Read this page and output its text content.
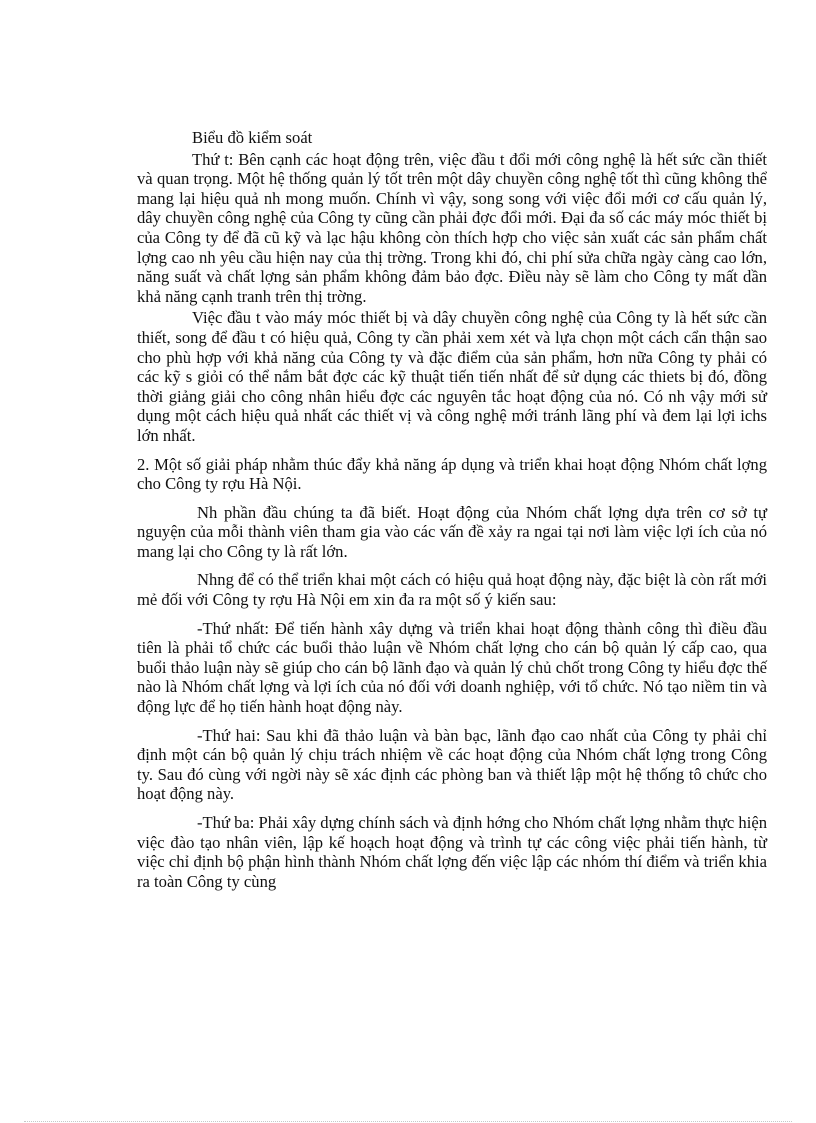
Biểu đồ kiểm soát

Thứ t: Bên cạnh các hoạt động trên, việc đầu t đổi mới công nghệ là hết sức cần thiết và quan trọng. Một hệ thống quản lý tốt trên một dây chuyền công nghệ tốt thì cũng không thể mang lại hiệu quả nh mong muốn. Chính vì vậy, song song với việc đổi mới cơ cấu quản lý, dây chuyền công nghệ của Công ty cũng cần phải đợc đổi mới. Đại đa số các máy móc thiết bị của Công ty để đã cũ kỹ và lạc hậu không còn thích hợp cho việc sản xuất các sản phẩm chất lợng cao nh yêu cầu hiện nay của thị trờng. Trong khi đó, chi phí sửa chữa ngày càng cao lớn, năng suất và chất lợng sản phẩm không đảm bảo đợc. Điều này sẽ làm cho Công ty mất dần khả năng cạnh tranh trên thị trờng.

Việc đầu t vào máy móc thiết bị và dây chuyền công nghệ của Công ty là hết sức cần thiết, song để đầu t có hiệu quả, Công ty cần phải xem xét và lựa chọn một cách cẩn thận sao cho phù hợp với khả năng của Công ty và đặc điểm của sản phẩm, hơn nữa Công ty phải có các kỹ s giỏi có thể nắm bắt đợc các kỹ thuật tiến tiến nhất để sử dụng các thiets bị đó, đồng thời giảng giải cho công nhân hiểu đợc các nguyên tắc hoạt động của nó. Có nh vậy mới sử dụng một cách hiệu quả nhất các thiết vị và công nghệ mới tránh lãng phí và đem lại lợi ichs lớn nhất.

2. Một số giải pháp nhằm thúc đẩy khả năng áp dụng và triển khai hoạt động Nhóm chất lợng cho Công ty rợu Hà Nội.

Nh phần đầu chúng ta đã biết. Hoạt động của Nhóm chất lợng dựa trên cơ sở tự nguyện của mỗi thành viên tham gia vào các vấn đề xảy ra ngai tại nơi làm việc lợi ích của nó mang lại cho Công ty là rất lớn.

Nhng để có thể triển khai một cách có hiệu quả hoạt động này, đặc biệt là còn rất mới mẻ đối với Công ty rợu Hà Nội em xin đa ra một số ý kiến sau:

-Thứ nhất: Để tiến hành xây dựng và triển khai hoạt động thành công thì điều đầu tiên là phải tổ chức các buổi thảo luận về Nhóm chất lợng cho cán bộ quản lý cấp cao, qua buổi thảo luận này sẽ giúp cho cán bộ lãnh đạo và quản lý chủ chốt trong Công ty hiểu đợc thế nào là Nhóm chất lợng và lợi ích của nó đối với doanh nghiệp, với tổ chức. Nó tạo niềm tin và động lực để họ tiến hành hoạt động này.

-Thứ hai: Sau khi đã thảo luận và bàn bạc, lãnh đạo cao nhất của Công ty phải chỉ định một cán bộ quản lý chịu trách nhiệm về các hoạt động của Nhóm chất lợng trong Công ty. Sau đó cùng với ngời này sẽ xác định các phòng ban và thiết lập một hệ thống tô chức cho hoạt động này.

-Thứ ba: Phải xây dựng chính sách và định hớng cho Nhóm chất lợng nhằm thực hiện việc đào tạo nhân viên, lập kế hoạch hoạt động và trình tự các công việc phải tiến hành, từ việc chỉ định bộ phận hình thành Nhóm chất lợng đến việc lập các nhóm thí điểm và triển khia ra toàn Công ty cùng
